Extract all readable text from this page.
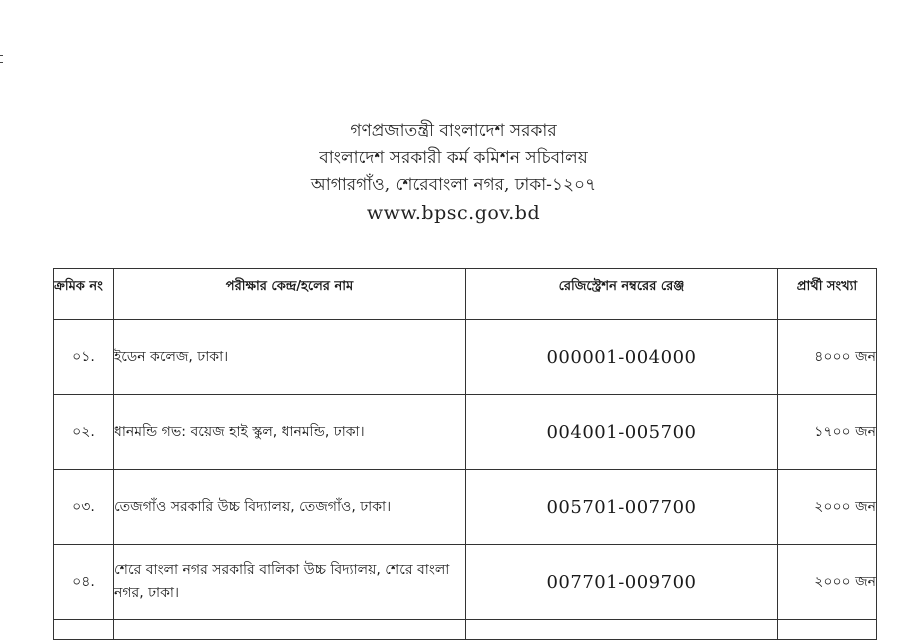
গণপ্রজাতন্ত্রী বাংলাদেশ সরকার
বাংলাদেশ সরকারী কর্ম কমিশন সচিবালয়
আগারগাঁও, শেরেবাংলা নগর, ঢাকা-১২০৭
www.bpsc.gov.bd
ক্রমিক নং	পরীক্ষার কেন্দ্র/হলের নাম	রেজিস্ট্রেশন নম্বরের রেঞ্জ	প্রার্থী সংখ্যা
০১.	ইডেন কলেজ, ঢাকা।	000001-004000	৪০০০ জন
০২.	ধানমন্ডি গভ: বয়েজ হাই স্কুল, ধানমন্ডি, ঢাকা।	004001-005700	১৭০০ জন
০৩.	তেজগাঁও সরকারি উচ্চ বিদ্যালয়, তেজগাঁও, ঢাকা।	005701-007700	২০০০ জন
০৪.	শেরে বাংলা নগর সরকারি বালিকা উচ্চ বিদ্যালয়, শেরে বাংলা নগর, ঢাকা।	007701-009700	২০০০ জন
